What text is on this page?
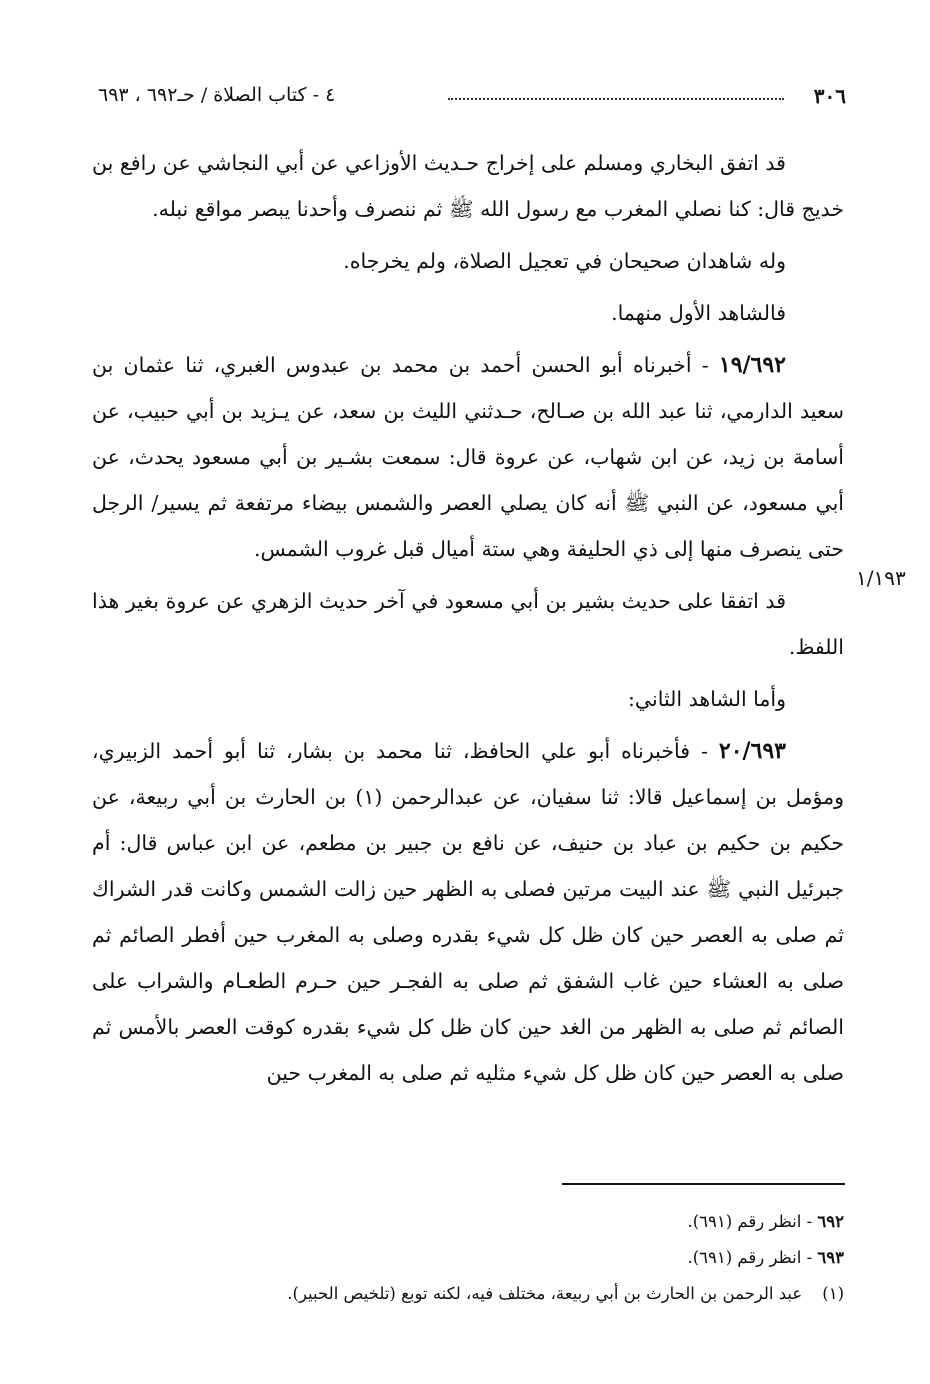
٣٠٦
٤ - كتاب الصلاة / حـ٦٩٢ ، ٦٩٣

قد اتفق البخاري ومسلم على إخراج حـديث الأوزاعي عن أبي النجاشي عن رافع بن خديج قال: كنا نصلي المغرب مع رسول الله ﷺ ثم ننصرف وأحدنا يبصر مواقع نبله.

وله شاهدان صحيحان في تعجيل الصلاة، ولم يخرجاه.

فالشاهد الأول منهما.

١٩/٦٩٢ - أخبرناه أبو الحسن أحمد بن محمد بن عبدوس الغبري، ثنا عثمان بن سعيد الدارمي، ثنا عبد الله بن صـالح، حـدثني الليث بن سعد، عن يـزيد بن أبي حبيب، عن أسامة بن زيد، عن ابن شهاب، عن عروة قال: سمعت بشـير بن أبي مسعود يحدث، عن أبي مسعود، عن النبي ﷺ أنه كان يصلي العصر والشمس بيضاء مرتفعة ثم يسير/ الرجل حتى ينصرف منها إلى ذي الحليفة وهي ستة أميال قبل غروب الشمس.

قد اتفقا على حديث بشير بن أبي مسعود في آخر حديث الزهري عن عروة بغير هذا اللفظ.

وأما الشاهد الثاني:

٢٠/٦٩٣ - فأخبرناه أبو علي الحافظ، ثنا محمد بن بشار، ثنا أبو أحمد الزبيري، ومؤمل بن إسماعيل قالا: ثنا سفيان، عن عبدالرحمن (١) بن الحارث بن أبي ربيعة، عن حكيم بن حكيم بن عباد بن حنيف، عن نافع بن جبير بن مطعم، عن ابن عباس قال: أم جبرئيل النبي ﷺ عند البيت مرتين فصلى به الظهر حين زالت الشمس وكانت قدر الشراك ثم صلى به العصر حين كان ظل كل شيء بقدره وصلى به المغرب حين أفطر الصائم ثم صلى به العشاء حين غاب الشفق ثم صلى به الفجـر حين حـرم الطعـام والشراب على الصائم ثم صلى به الظهر من الغد حين كان ظل كل شيء بقدره كوقت العصر بالأمس ثم صلى به العصر حين كان ظل كل شيء مثليه ثم صلى به المغرب حين

١/١٩٣

٦٩٢ - انظر رقم (٦٩١).

٦٩٣ - انظر رقم (٦٩١).

(١)عبد الرحمن بن الحارث بن أبي ربيعة، مختلف فيه، لكنه توبع (تلخيص الحبير).
